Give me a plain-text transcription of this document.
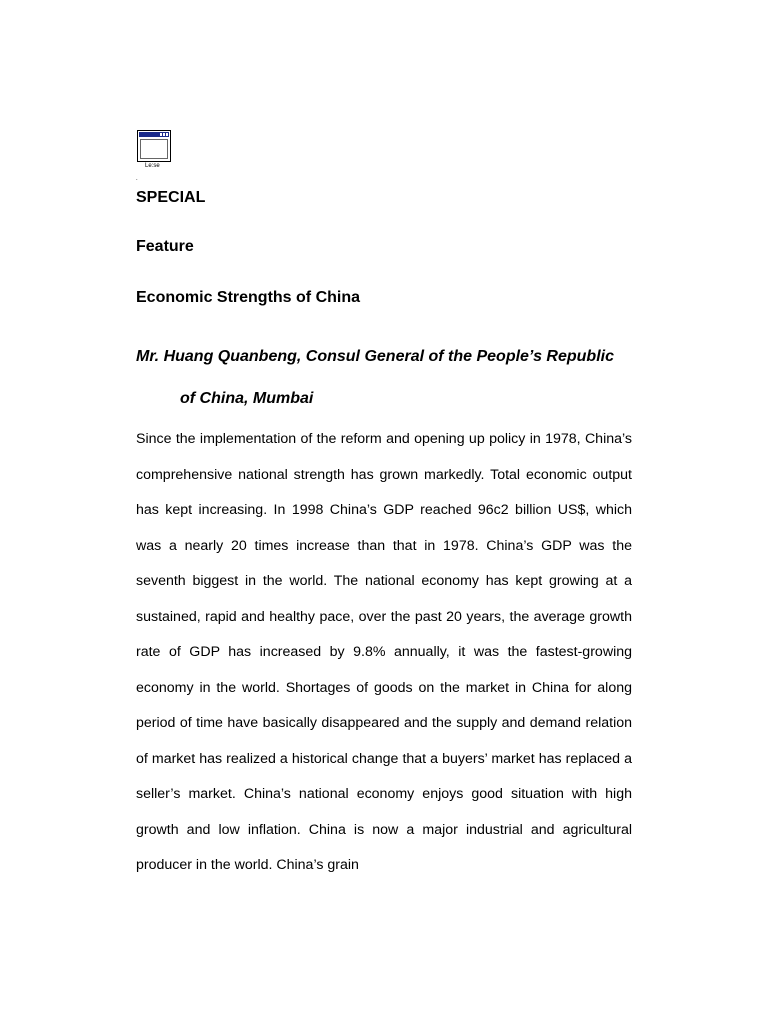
Le:se
.
SPECIAL
Feature
Economic Strengths of China
Mr. Huang Quanbeng, Consul General of the People’s Republic
of China, Mumbai

Since the implementation of the reform and opening up policy in 1978, China’s comprehensive national strength has grown markedly. Total economic output has kept increasing. In 1998 China’s GDP reached 96c2 billion US$, which was a nearly 20 times increase than that in 1978. China’s GDP was the seventh biggest in the world. The national economy has kept growing at a sustained, rapid and healthy pace, over the past 20 years, the average growth rate of GDP has increased by 9.8% annually, it was the fastest-growing economy in the world. Shortages of goods on the market in China for along period of time have basically disappeared and the supply and demand relation of market has realized a historical change that a buyers’ market has replaced a seller’s market. China’s national economy enjoys good situation with high growth and low inflation. China is now a major industrial and agricultural producer in the world. China’s grain
